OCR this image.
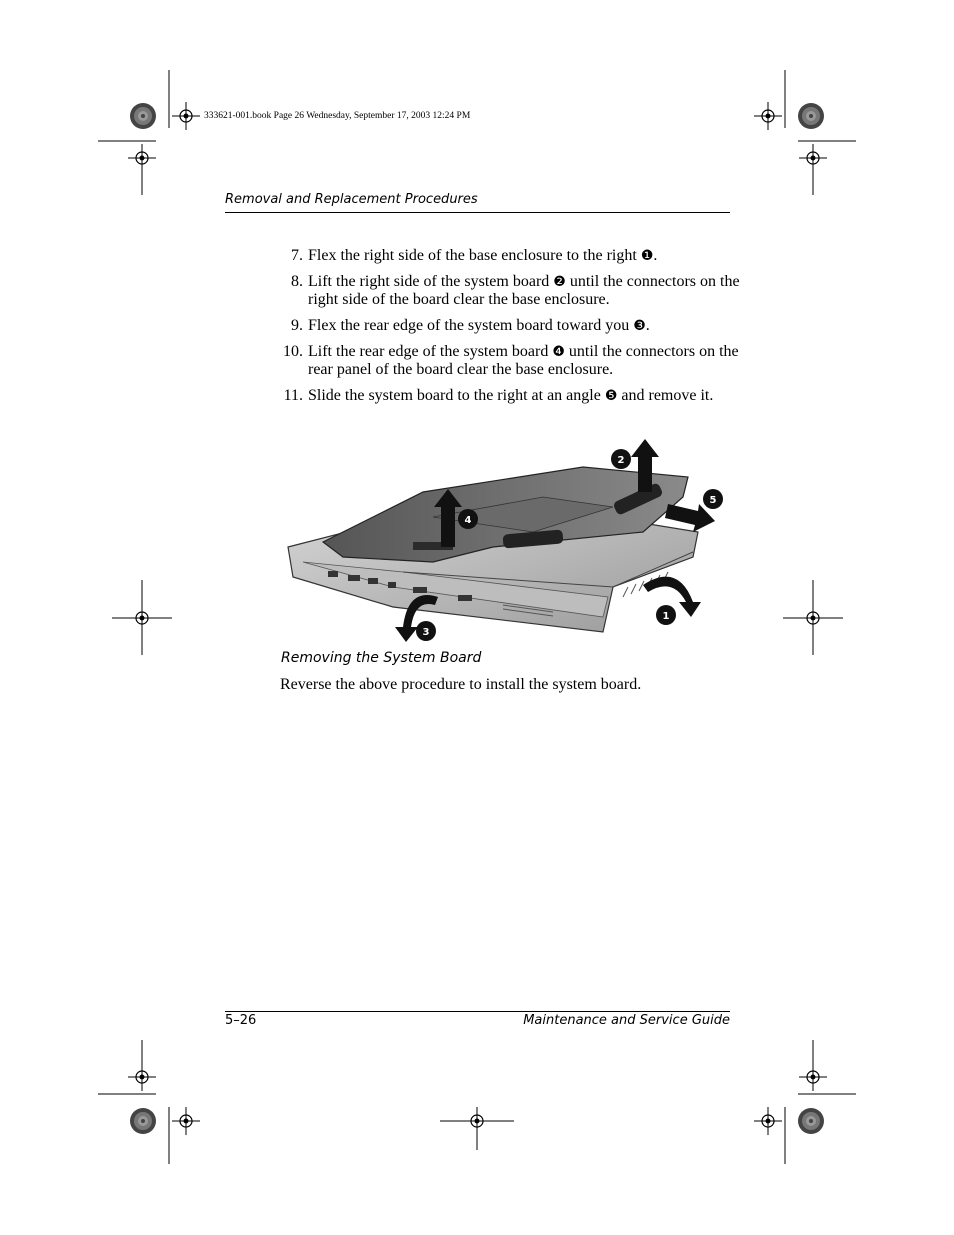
333621-001.book Page 26 Wednesday, September 17, 2003 12:24 PM
Removal and Replacement Procedures
7. Flex the right side of the base enclosure to the right ❶.
8. Lift the right side of the system board ❷ until the connectors on the right side of the board clear the base enclosure.
9. Flex the rear edge of the system board toward you ❸.
10. Lift the rear edge of the system board ❹ until the connectors on the rear panel of the board clear the base enclosure.
11. Slide the system board to the right at an angle ❺ and remove it.
2
4
5
1
3
Removing the System Board
Reverse the above procedure to install the system board.
5–26	Maintenance and Service Guide
